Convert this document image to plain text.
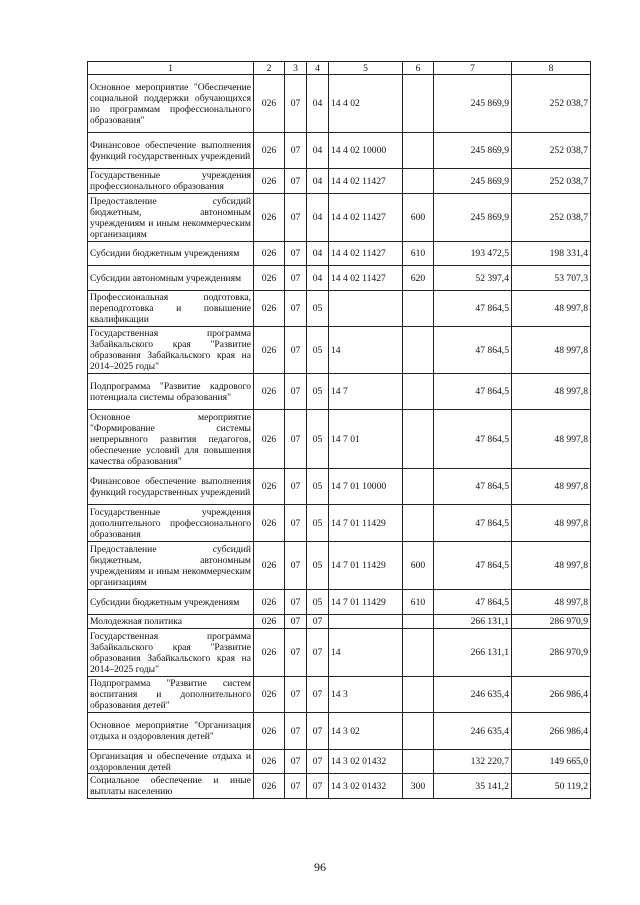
1	2	3	4	5	6	7	8
Основное мероприятие "Обеспечение социальной поддержки обучающихся по программам профессионального образования"	026	07	04	14 4 02		245 869,9	252 038,7
Финансовое обеспечение выполнения функций государственных учреждений	026	07	04	14 4 02 10000		245 869,9	252 038,7
Государственные учреждения профессионального образования	026	07	04	14 4 02 11427		245 869,9	252 038,7
Предоставление субсидий бюджетным, автономным учреждениям и иным некоммерческим организациям	026	07	04	14 4 02 11427	600	245 869,9	252 038,7
Субсидии бюджетным учреждениям	026	07	04	14 4 02 11427	610	193 472,5	198 331,4
Субсидии автономным учреждениям	026	07	04	14 4 02 11427	620	52 397,4	53 707,3
Профессиональная подготовка, переподготовка и повышение квалификации	026	07	05			47 864,5	48 997,8
Государственная программа Забайкальского края "Развитие образования Забайкальского края на 2014–2025 годы"	026	07	05	14		47 864,5	48 997,8
Подпрограмма "Развитие кадрового потенциала системы образования"	026	07	05	14 7		47 864,5	48 997,8
Основное мероприятие "Формирование системы непрерывного развития педагогов, обеспечение условий для повышения качества образования"	026	07	05	14 7 01		47 864,5	48 997,8
Финансовое обеспечение выполнения функций государственных учреждений	026	07	05	14 7 01 10000		47 864,5	48 997,8
Государственные учреждения дополнительного профессионального образования	026	07	05	14 7 01 11429		47 864,5	48 997,8
Предоставление субсидий бюджетным, автономным учреждениям и иным некоммерческим организациям	026	07	05	14 7 01 11429	600	47 864,5	48 997,8
Субсидии бюджетным учреждениям	026	07	05	14 7 01 11429	610	47 864,5	48 997,8
Молодежная политика	026	07	07			266 131,1	286 970,9
Государственная программа Забайкальского края "Развитие образования Забайкальского края на 2014–2025 годы"	026	07	07	14		266 131,1	286 970,9
Подпрограмма "Развитие систем воспитания и дополнительного образования детей"	026	07	07	14 3		246 635,4	266 986,4
Основное мероприятие "Организация отдыха и оздоровления детей"	026	07	07	14 3 02		246 635,4	266 986,4
Организация и обеспечение отдыха и оздоровления детей	026	07	07	14 3 02 01432		132 220,7	149 665,0
Социальное обеспечение и иные выплаты населению	026	07	07	14 3 02 01432	300	35 141,2	50 119,2
96
